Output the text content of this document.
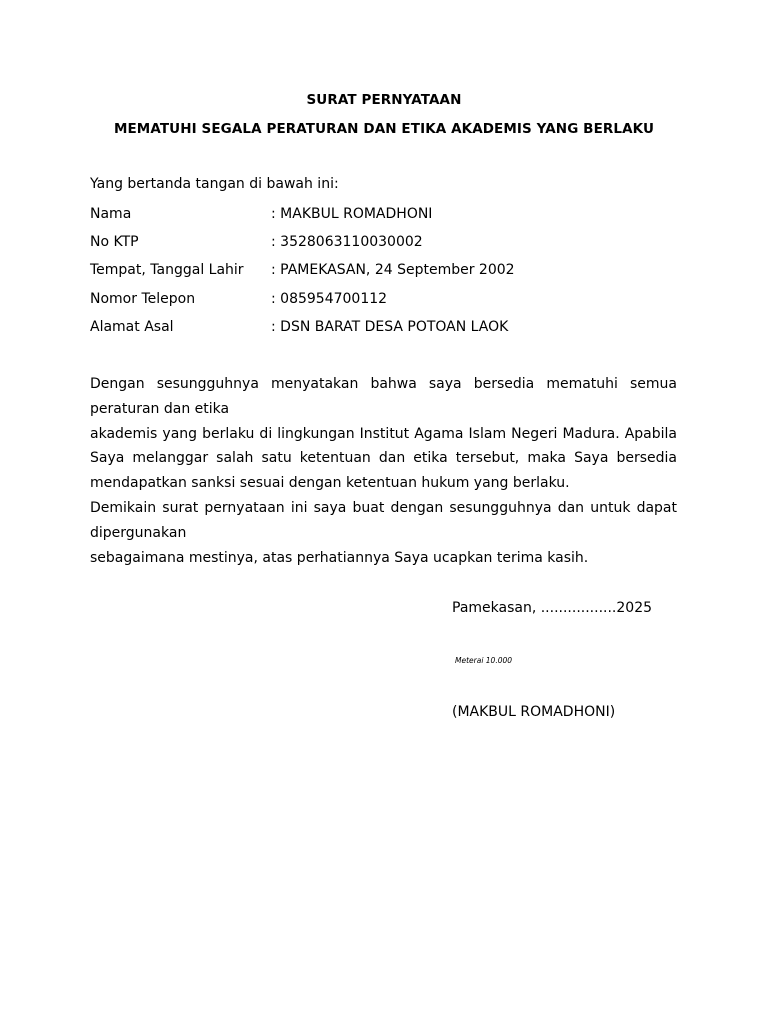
SURAT PERNYATAAN
MEMATUHI SEGALA PERATURAN DAN ETIKA AKADEMIS YANG BERLAKU
Yang bertanda tangan di bawah ini:
Nama	: MAKBUL ROMADHONI
No KTP	: 3528063110030002
Tempat, Tanggal Lahir	: PAMEKASAN, 24 September 2002
Nomor Telepon	: 085954700112
Alamat Asal	: DSN BARAT DESA POTOAN LAOK

Dengan sesungguhnya menyatakan bahwa saya bersedia mematuhi semua peraturan dan etika

akademis yang berlaku di lingkungan Institut Agama Islam Negeri Madura. Apabila Saya melanggar salah satu ketentuan dan etika tersebut, maka Saya bersedia mendapatkan sanksi sesuai dengan ketentuan hukum yang berlaku.

Demikain surat pernyataan ini saya buat dengan sesungguhnya dan untuk dapat dipergunakan

sebagaimana mestinya, atas perhatiannya Saya ucapkan terima kasih.

Pamekasan, .................2025
Meterai 10.000
(MAKBUL ROMADHONI)
